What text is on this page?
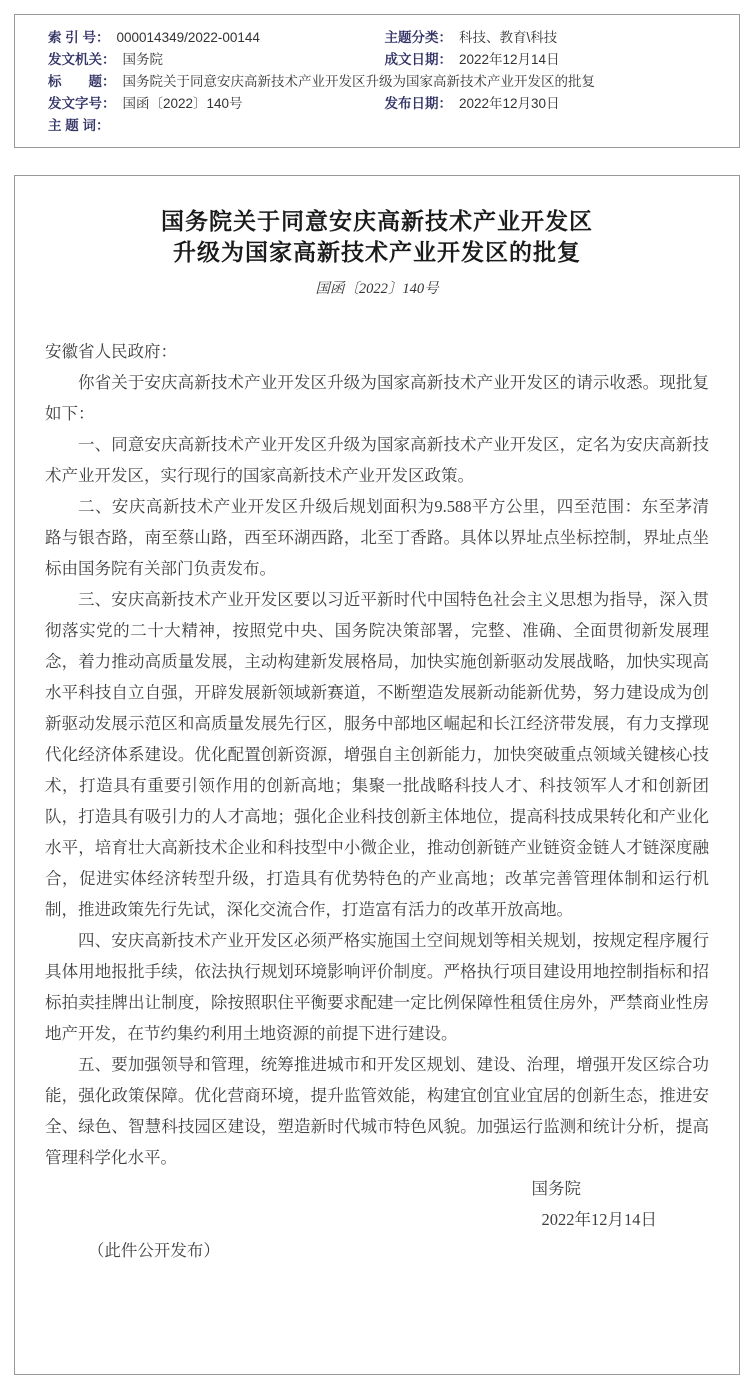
索 引 号： 000014349/2022-00144	主题分类： 科技、教育\科技
发文机关： 国务院	成文日期： 2022年12月14日
标　　题： 国务院关于同意安庆高新技术产业开发区升级为国家高新技术产业开发区的批复
发文字号： 国函〔2022〕140号	发布日期： 2022年12月30日
主 题 词：
国务院关于同意安庆高新技术产业开发区
升级为国家高新技术产业开发区的批复
国函〔2022〕140号

安徽省人民政府：

你省关于安庆高新技术产业开发区升级为国家高新技术产业开发区的请示收悉。现批复如下：

一、同意安庆高新技术产业开发区升级为国家高新技术产业开发区，定名为安庆高新技术产业开发区，实行现行的国家高新技术产业开发区政策。

二、安庆高新技术产业开发区升级后规划面积为9.588平方公里，四至范围：东至茅清路与银杏路，南至蔡山路，西至环湖西路，北至丁香路。具体以界址点坐标控制，界址点坐标由国务院有关部门负责发布。

三、安庆高新技术产业开发区要以习近平新时代中国特色社会主义思想为指导，深入贯彻落实党的二十大精神，按照党中央、国务院决策部署，完整、准确、全面贯彻新发展理念，着力推动高质量发展，主动构建新发展格局，加快实施创新驱动发展战略，加快实现高水平科技自立自强，开辟发展新领域新赛道，不断塑造发展新动能新优势，努力建设成为创新驱动发展示范区和高质量发展先行区，服务中部地区崛起和长江经济带发展，有力支撑现代化经济体系建设。优化配置创新资源，增强自主创新能力，加快突破重点领域关键核心技术，打造具有重要引领作用的创新高地；集聚一批战略科技人才、科技领军人才和创新团队，打造具有吸引力的人才高地；强化企业科技创新主体地位，提高科技成果转化和产业化水平，培育壮大高新技术企业和科技型中小微企业，推动创新链产业链资金链人才链深度融合，促进实体经济转型升级，打造具有优势特色的产业高地；改革完善管理体制和运行机制，推进政策先行先试，深化交流合作，打造富有活力的改革开放高地。

四、安庆高新技术产业开发区必须严格实施国土空间规划等相关规划，按规定程序履行具体用地报批手续，依法执行规划环境影响评价制度。严格执行项目建设用地控制指标和招标拍卖挂牌出让制度，除按照职住平衡要求配建一定比例保障性租赁住房外，严禁商业性房地产开发，在节约集约利用土地资源的前提下进行建设。

五、要加强领导和管理，统筹推进城市和开发区规划、建设、治理，增强开发区综合功能，强化政策保障。优化营商环境，提升监管效能，构建宜创宜业宜居的创新生态，推进安全、绿色、智慧科技园区建设，塑造新时代城市特色风貌。加强运行监测和统计分析，提高管理科学化水平。

国务院
2022年12月14日
（此件公开发布）
